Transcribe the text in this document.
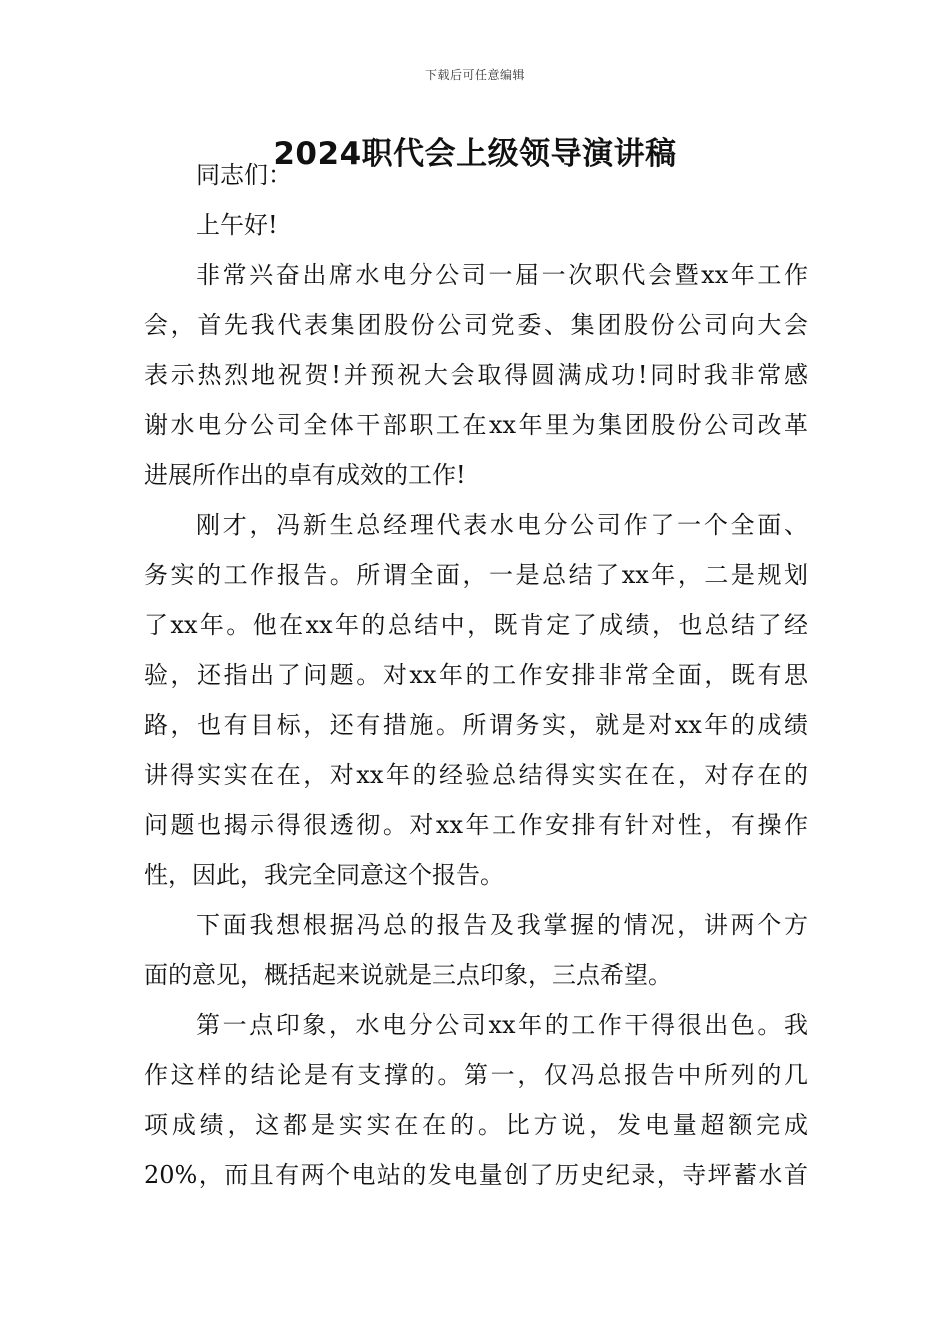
下载后可任意编辑
2024职代会上级领导演讲稿
同志们：
上午好!
非常兴奋出席水电分公司一届一次职代会暨xx年工作
会，首先我代表集团股份公司党委、集团股份公司向大会
表示热烈地祝贺!并预祝大会取得圆满成功!同时我非常感
谢水电分公司全体干部职工在xx年里为集团股份公司改革
进展所作出的卓有成效的工作!
刚才，冯新生总经理代表水电分公司作了一个全面、
务实的工作报告。所谓全面，一是总结了xx年，二是规划
了xx年。他在xx年的总结中，既肯定了成绩，也总结了经
验，还指出了问题。对xx年的工作安排非常全面，既有思
路，也有目标，还有措施。所谓务实，就是对xx年的成绩
讲得实实在在，对xx年的经验总结得实实在在，对存在的
问题也揭示得很透彻。对xx年工作安排有针对性，有操作
性，因此，我完全同意这个报告。
下面我想根据冯总的报告及我掌握的情况，讲两个方
面的意见，概括起来说就是三点印象，三点希望。
第一点印象，水电分公司xx年的工作干得很出色。我
作这样的结论是有支撑的。第一，仅冯总报告中所列的几
项成绩，这都是实实在在的。比方说，发电量超额完成
20%，而且有两个电站的发电量创了历史纪录，寺坪蓄水首
